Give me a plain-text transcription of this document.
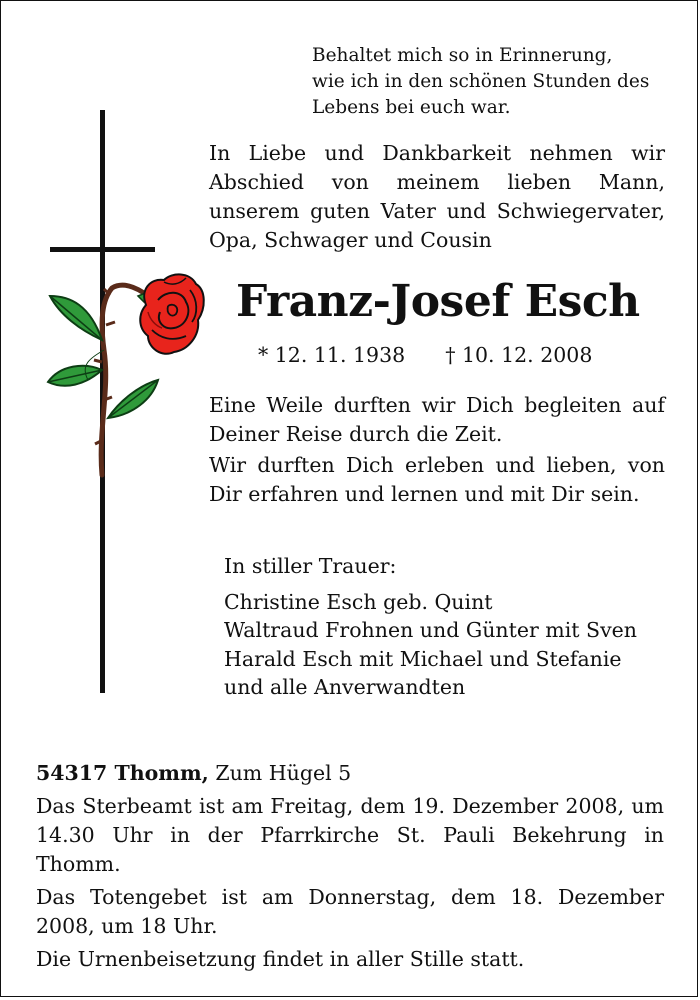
Behaltet mich so in Erinnerung,
wie ich in den schönen Stunden des
Lebens bei euch war.
In Liebe und Dankbarkeit nehmen wir Abschied von meinem lieben Mann, unserem guten Vater und Schwiegervater, Opa, Schwager und Cousin
Franz-Josef Esch
* 12. 11. 1938 † 10. 12. 2008
Eine Weile durften wir Dich begleiten auf Deiner Reise durch die Zeit.
Wir durften Dich erleben und lieben, von Dir erfahren und lernen und mit Dir sein.
In stiller Trauer:
Christine Esch geb. Quint
Waltraud Frohnen und Günter mit Sven
Harald Esch mit Michael und Stefanie
und alle Anverwandten
54317 Thomm, Zum Hügel 5
Das Sterbeamt ist am Freitag, dem 19. Dezember 2008, um 14.30 Uhr in der Pfarrkirche St. Pauli Bekehrung in Thomm.
Das Totengebet ist am Donnerstag, dem 18. Dezember 2008, um 18 Uhr.
Die Urnenbeisetzung findet in aller Stille statt.
